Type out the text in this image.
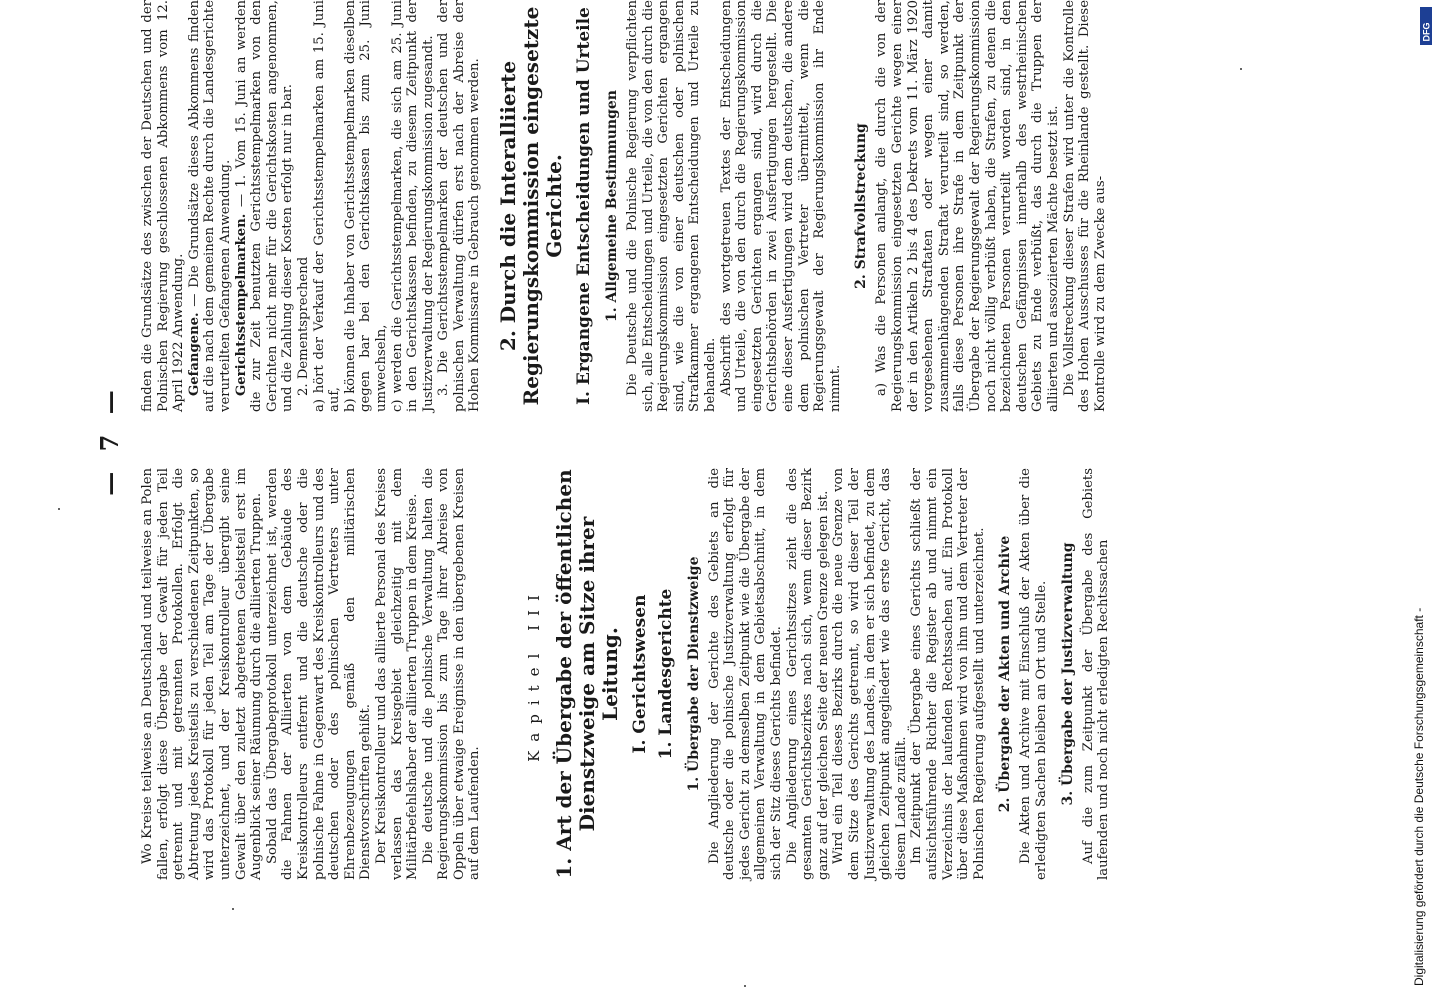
— 7 —

Wo Kreise teilweise an Deutschland und teilweise an Polen fallen, erfolgt diese Übergabe der Gewalt für jeden Teil getrennt und mit getrennten Protokollen. Erfolgt die Abtretung jedes Kreisteils zu verschiedenen Zeitpunkten, so wird das Protokoll für jeden Teil am Tage der Übergabe unterzeichnet, und der Kreiskontrolleur übergibt seine Gewalt über den zuletzt abgetretenen Gebietsteil erst im Augenblick seiner Räumung durch die alliierten Truppen. Sobald das Übergabeprotokoll unterzeichnet ist, werden die Fahnen der Alliierten von dem Gebäude des Kreiskontrolleurs entfernt und die deutsche oder die polnische Fahne in Gegenwart des Kreiskontrolleurs und des deutschen oder des polnischen Vertreters unter Ehrenbezeugungen gemäß den militärischen Dienstvorschriften gehißt. Der Kreiskontrolleur und das alliierte Personal des Kreises verlassen das Kreisgebiet gleichzeitig mit dem Militärbefehlshaber der alliierten Truppen in dem Kreise. Die deutsche und die polnische Verwaltung halten die Regierungskommission bis zum Tage ihrer Abreise von Oppeln über etwaige Ereignisse in den übergebenen Kreisen auf dem Laufenden.

Kapitel III 1. Art der Übergabe der öffentlichen Dienstzweige am Sitze ihrer Leitung. I. Gerichtswesen 1. Landesgerichte 1. Übergabe der Dienstzweige Die Angliederung der Gerichte des Gebiets an die deutsche oder die polnische Justizverwaltung erfolgt für jedes Gericht zu demselben Zeitpunkt wie die Übergabe der allgemeinen Verwaltung in dem Gebietsabschnitt, in dem sich der Sitz dieses Gerichts befindet. Die Angliederung eines Gerichtssitzes zieht die des gesamten Gerichtsbezirkes nach sich, wenn dieser Bezirk ganz auf der gleichen Seite der neuen Grenze gelegen ist. Wird ein Teil dieses Bezirks durch die neue Grenze von dem Sitze des Gerichts getrennt, so wird dieser Teil der Justizverwaltung des Landes, in dem er sich befindet, zu dem gleichen Zeitpunkt angegliedert wie das erste Gericht, das diesem Lande zufällt. Im Zeitpunkt der Übergabe eines Gerichts schließt der aufsichtsführende Richter die Register ab und nimmt ein Verzeichnis der laufenden Rechtssachen auf. Ein Protokoll über diese Maßnahmen wird von ihm und dem Vertreter der Polnischen Regierung aufgestellt und unterzeichnet. 2. Übergabe der Akten und Archive Die Akten und Archive mit Einschluß der Akten über die erledigten Sachen bleiben an Ort und Stelle. 3. Übergabe der Justizverwaltung Auf die zum Zeitpunkt der Übergabe des Gebiets laufenden und noch nicht erledigten Rechtssachen

finden die Grundsätze des zwischen der Deutschen und der Polnischen Regierung geschlossenen Abkommens vom 12. April 1922 Anwendung. Gefangene. — Die Grundsätze dieses Abkommens finden auf die nach dem gemeinen Rechte durch die Landesgerichte verurteilten Gefangenen Anwendung. Gerichtsstempelmarken. — 1. Vom 15. Juni an werden die zur Zeit benutzten Gerichtsstempelmarken von den Gerichten nicht mehr für die Gerichtskosten angenommen, und die Zahlung dieser Kosten erfolgt nur in bar. 2. Dementsprechend a) hört der Verkauf der Gerichtsstempelmarken am 15. Juni auf, b) können die Inhaber von Gerichtsstempelmarken dieselben gegen bar bei den Gerichtskassen bis zum 25. Juni umwechseln, c) werden die Gerichtsstempelmarken, die sich am 25. Juni in den Gerichtskassen befinden, zu diesem Zeitpunkt der Justizverwaltung der Regierungskommission zugesandt. 3. Die Gerichtsstempelmarken der deutschen und der polnischen Verwaltung dürfen erst nach der Abreise der Hohen Kommissare in Gebrauch genommen werden. 2. Durch die Interalliierte Regierungskommission eingesetzte Gerichte. I. Ergangene Entscheidungen und Urteile 1. Allgemeine Bestimmungen Die Deutsche und die Polnische Regierung verpflichten sich, alle Entscheidungen und Urteile, die von den durch die Regierungskommission eingesetzten Gerichten ergangen sind, wie die von einer deutschen oder polnischen Strafkammer ergangenen Entscheidungen und Urteile zu behandeln. Abschrift des wortgetreuen Textes der Entscheidungen und Urteile, die von den durch die Regierungskommission eingesetzten Gerichten ergangen sind, wird durch die Gerichtsbehörden in zwei Ausfertigungen hergestellt. Die eine dieser Ausfertigungen wird dem deutschen, die andere dem polnischen Vertreter übermittelt, wenn die Regierungsgewalt der Regierungskommission ihr Ende nimmt.

2. Strafvollstreckung a) Was die Personen anlangt, die durch die von der Regierungskommission eingesetzten Gerichte wegen einer der in den Artikeln 2 bis 4 des Dekrets vom 11. März 1920 vorgesehenen Straftaten oder wegen einer damit zusammenhängenden Straftat verurteilt sind, so werden, falls diese Personen ihre Strafe in dem Zeitpunkt der Übergabe der Regierungsgewalt der Regierungskommission noch nicht völlig verbüßt haben, die Strafen, zu denen die bezeichneten Personen verurteilt worden sind, in den deutschen Gefängnissen innerhalb des westrheinischen Gebiets zu Ende verbüßt, das durch die Truppen der alliierten und assoziierten Mächte besetzt ist. Die Vollstreckung dieser Strafen wird unter die Kontrolle des Hohen Ausschusses für die Rheinlande gestellt. Diese Kontrolle wird zu dem Zwecke aus-

DFG
Digitalisierung gefördert durch die Deutsche Forschungsgemeinschaft -
